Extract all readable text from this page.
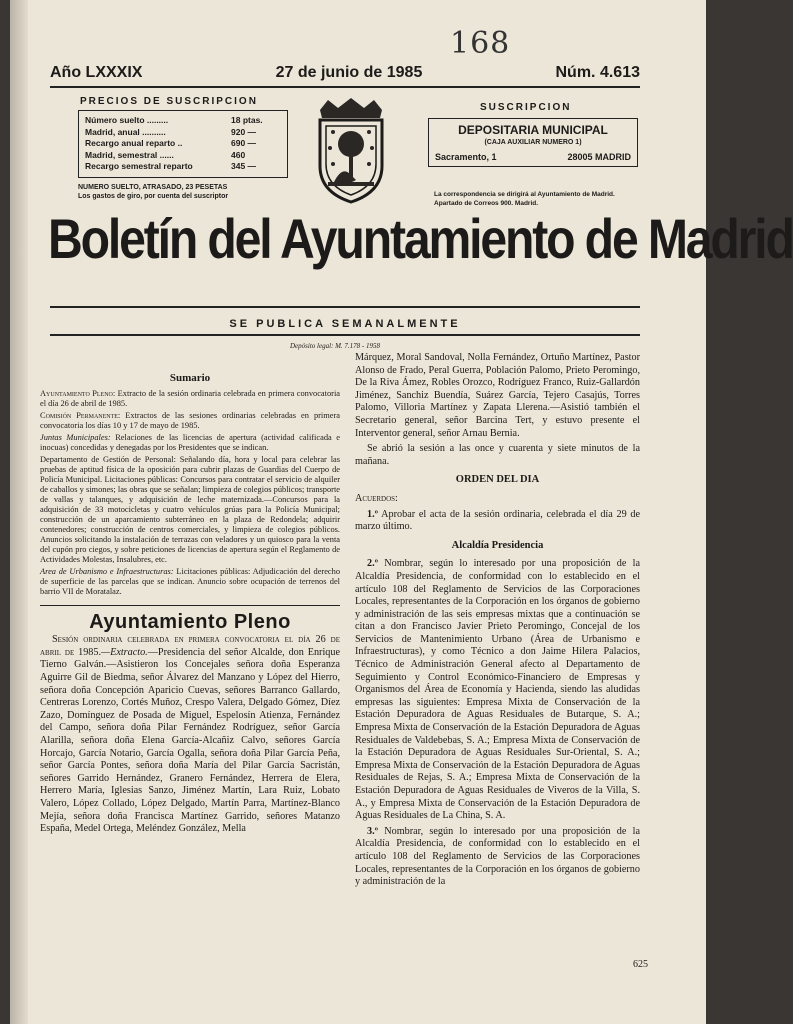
168
Año LXXXIX	27 de junio de 1985	Núm. 4.613
PRECIOS DE SUSCRIPCION
Número suelto .........	18 ptas.
Madrid, anual ..........	920 —
Recargo anual reparto ..	690 —
Madrid, semestral ......	460
Recargo semestral reparto	345 —
NUMERO SUELTO, ATRASADO, 23 PESETAS
Los gastos de giro, por cuenta del suscriptor
SUSCRIPCION
DEPOSITARIA MUNICIPAL
(CAJA AUXILIAR NUMERO 1)
Sacramento, 1	28005 MADRID
La correspondencia se dirigirá al Ayuntamiento de Madrid. Apartado de Correos 900. Madrid.
Boletín del Ayuntamiento de Madrid
SE PUBLICA SEMANALMENTE
Depósito legal: M. 7.178 - 1958
Sumario

Ayuntamiento Pleno: Extracto de la sesión ordinaria celebrada en primera convocatoria el día 26 de abril de 1985.

Comisión Permanente: Extractos de las sesiones ordinarias celebradas en primera convocatoria los días 10 y 17 de mayo de 1985.

Juntas Municipales: Relaciones de las licencias de apertura (actividad calificada e inocuas) concedidas y denegadas por los Presidentes que se indican.

Departamento de Gestión de Personal: Señalando día, hora y local para celebrar las pruebas de aptitud física de la oposición para cubrir plazas de Guardias del Cuerpo de Policía Municipal. Licitaciones públicas: Concursos para contratar el servicio de alquiler de caballos y simones; las obras que se señalan; limpieza de colegios públicos; transporte de vallas y talanques, y adquisición de leche maternizada.—Concursos para la adquisición de 33 motocicletas y cuatro vehículos grúas para la Policía Municipal; construcción de un aparcamiento subterráneo en la plaza de Redondela; adquirir contenedores; construcción de centros comerciales, y limpieza de colegios públicos. Anuncios solicitando la instalación de terrazas con veladores y un quiosco para la venta del cupón pro ciegos, y sobre peticiones de licencias de apertura según el Reglamento de Actividades Molestas, Insalubres, etc.

Area de Urbanismo e Infraestructuras: Licitaciones públicas: Adjudicación del derecho de superficie de las parcelas que se indican. Anuncio sobre ocupación de terrenos del barrio VII de Moratalaz.

Ayuntamiento Pleno

Sesión ordinaria celebrada en primera convocatoria el día 26 de abril de 1985.—Extracto.—Presidencia del señor Alcalde, don Enrique Tierno Galván.—Asistieron los Concejales señora doña Esperanza Aguirre Gil de Biedma, señor Álvarez del Manzano y López del Hierro, señora doña Concepción Aparicio Cuevas, señores Barranco Gallardo, Centreras Lorenzo, Cortés Muñoz, Crespo Valera, Delgado Gómez, Díez Zazo, Domínguez de Posada de Miguel, Espelosín Atienza, Fernández del Campo, señora doña Pilar Fernández Rodríguez, señor García Alarilla, señora doña Elena García-Alcañiz Calvo, señores García Horcajo, García Notario, García Ogalla, señora doña Pilar García Peña, señor García Pontes, señora doña María del Pilar García Sacristán, señores Garrido Hernández, Granero Fernández, Herrera de Elera, Herrero María, Iglesias Sanzo, Jiménez Martín, Lara Ruiz, Lobato Valero, López Collado, López Delgado, Martín Parra, Martínez-Blanco Mejía, señora doña Francisca Martínez Garrido, señores Matanzo España, Medel Ortega, Meléndez González, Mella

Márquez, Moral Sandoval, Nolla Fernández, Ortuño Martínez, Pastor Alonso de Frado, Peral Guerra, Población Palomo, Prieto Peromingo, De la Riva Ámez, Robles Orozco, Rodríguez Franco, Ruiz-Gallardón Jiménez, Sanchiz Buendía, Suárez García, Tejero Casajús, Torres Palomo, Villoria Martínez y Zapata Llerena.—Asistió también el Secretario general, señor Barcina Tert, y estuvo presente el Interventor general, señor Arnau Bernia.

Se abrió la sesión a las once y cuarenta y siete minutos de la mañana.

ORDEN DEL DIA

Acuerdos:

1.º Aprobar el acta de la sesión ordinaria, celebrada el día 29 de marzo último.

Alcaldía Presidencia

2.º Nombrar, según lo interesado por una proposición de la Alcaldía Presidencia, de conformidad con lo establecido en el artículo 108 del Reglamento de Servicios de las Corporaciones Locales, representantes de la Corporación en los órganos de gobierno y administración de las seis empresas mixtas que a continuación se citan a don Francisco Javier Prieto Peromingo, Concejal de los Servicios de Mantenimiento Urbano (Área de Urbanismo e Infraestructuras), y como Técnico a don Jaime Hilera Palacios, Técnico de Administración General afecto al Departamento de Seguimiento y Control Económico-Financiero de Empresas y Organismos del Área de Economía y Hacienda, siendo las aludidas empresas las siguientes: Empresa Mixta de Conservación de la Estación Depuradora de Aguas Residuales de Butarque, S. A.; Empresa Mixta de Conservación de la Estación Depuradora de Aguas Residuales de Valdebebas, S. A.; Empresa Mixta de Conservación de la Estación Depuradora de Aguas Residuales Sur-Oriental, S. A.; Empresa Mixta de Conservación de la Estación Depuradora de Aguas Residuales de Rejas, S. A.; Empresa Mixta de Conservación de la Estación Depuradora de Aguas Residuales de Viveros de la Villa, S. A., y Empresa Mixta de Conservación de la Estación Depuradora de Aguas Residuales de La China, S. A.

3.º Nombrar, según lo interesado por una proposición de la Alcaldía Presidencia, de conformidad con lo establecido en el artículo 108 del Reglamento de Servicios de las Corporaciones Locales, representantes de la Corporación en los órganos de gobierno y administración de la

625
